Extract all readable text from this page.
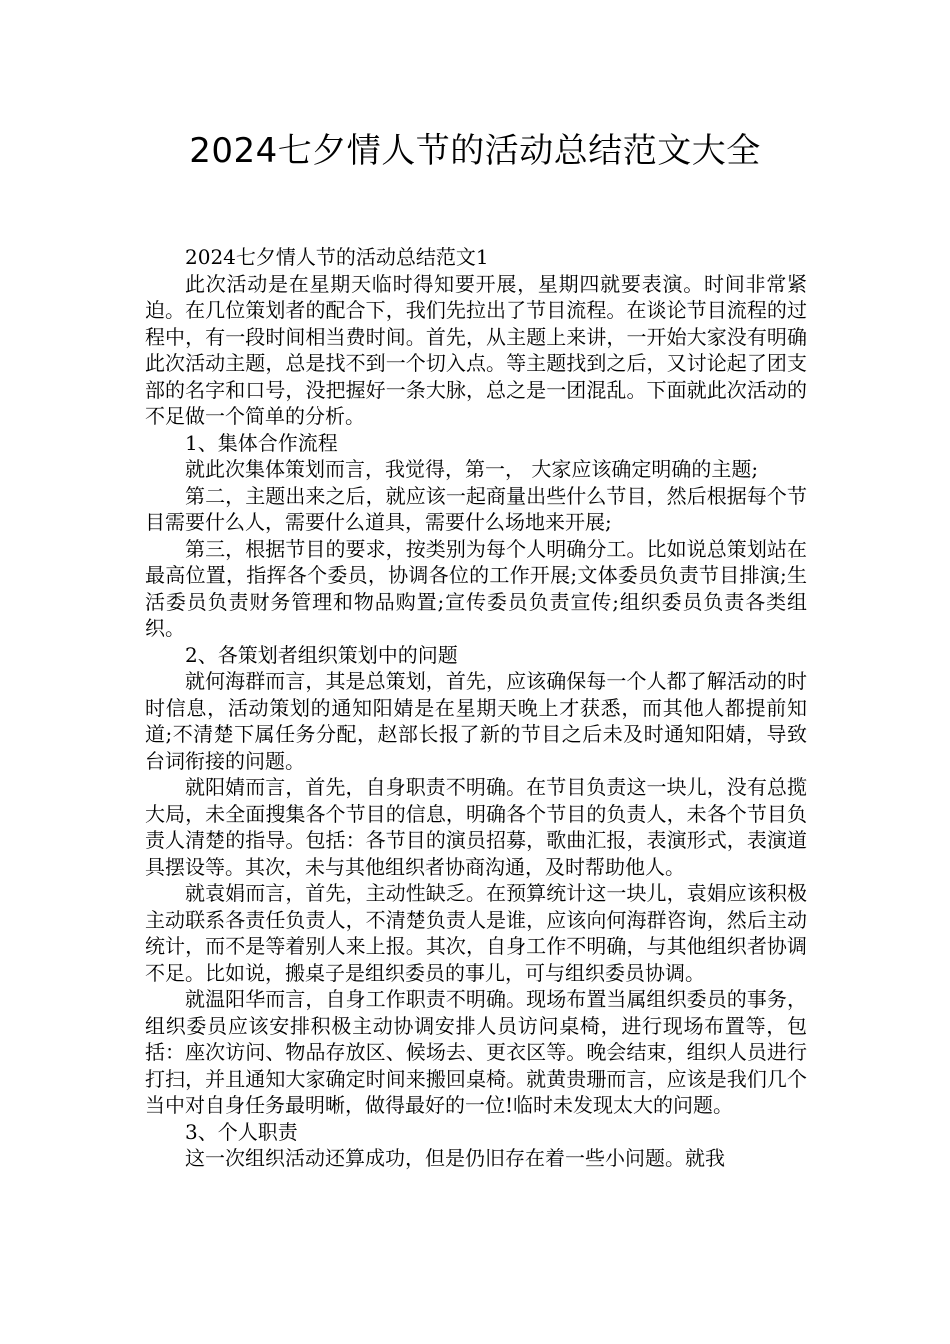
2024七夕情人节的活动总结范文大全

2024七夕情人节的活动总结范文1

此次活动是在星期天临时得知要开展，星期四就要表演。时间非常紧迫。在几位策划者的配合下，我们先拉出了节目流程。在谈论节目流程的过程中，有一段时间相当费时间。首先，从主题上来讲，一开始大家没有明确此次活动主题，总是找不到一个切入点。等主题找到之后，又讨论起了团支部的名字和口号，没把握好一条大脉，总之是一团混乱。下面就此次活动的不足做一个简单的分析。

1、集体合作流程

就此次集体策划而言，我觉得，第一， 大家应该确定明确的主题;

第二，主题出来之后，就应该一起商量出些什么节目，然后根据每个节目需要什么人，需要什么道具，需要什么场地来开展;

第三，根据节目的要求，按类别为每个人明确分工。比如说总策划站在最高位置，指挥各个委员，协调各位的工作开展;文体委员负责节目排演;生活委员负责财务管理和物品购置;宣传委员负责宣传;组织委员负责各类组织。

2、各策划者组织策划中的问题

就何海群而言，其是总策划，首先，应该确保每一个人都了解活动的时时信息，活动策划的通知阳婧是在星期天晚上才获悉，而其他人都提前知道;不清楚下属任务分配，赵部长报了新的节目之后未及时通知阳婧，导致台词衔接的问题。

就阳婧而言，首先，自身职责不明确。在节目负责这一块儿，没有总揽大局，未全面搜集各个节目的信息，明确各个节目的负责人，未各个节目负责人清楚的指导。包括：各节目的演员招募，歌曲汇报，表演形式，表演道具摆设等。其次，未与其他组织者协商沟通，及时帮助他人。

就袁娟而言，首先，主动性缺乏。在预算统计这一块儿，袁娟应该积极主动联系各责任负责人，不清楚负责人是谁，应该向何海群咨询，然后主动统计，而不是等着别人来上报。其次，自身工作不明确，与其他组织者协调不足。比如说，搬桌子是组织委员的事儿，可与组织委员协调。

就温阳华而言，自身工作职责不明确。现场布置当属组织委员的事务，组织委员应该安排积极主动协调安排人员访问桌椅，进行现场布置等，包括：座次访问、物品存放区、候场去、更衣区等。晚会结束，组织人员进行打扫，并且通知大家确定时间来搬回桌椅。就黄贵珊而言，应该是我们几个当中对自身任务最明晰，做得最好的一位!临时未发现太大的问题。

3、个人职责

这一次组织活动还算成功，但是仍旧存在着一些小问题。就我
